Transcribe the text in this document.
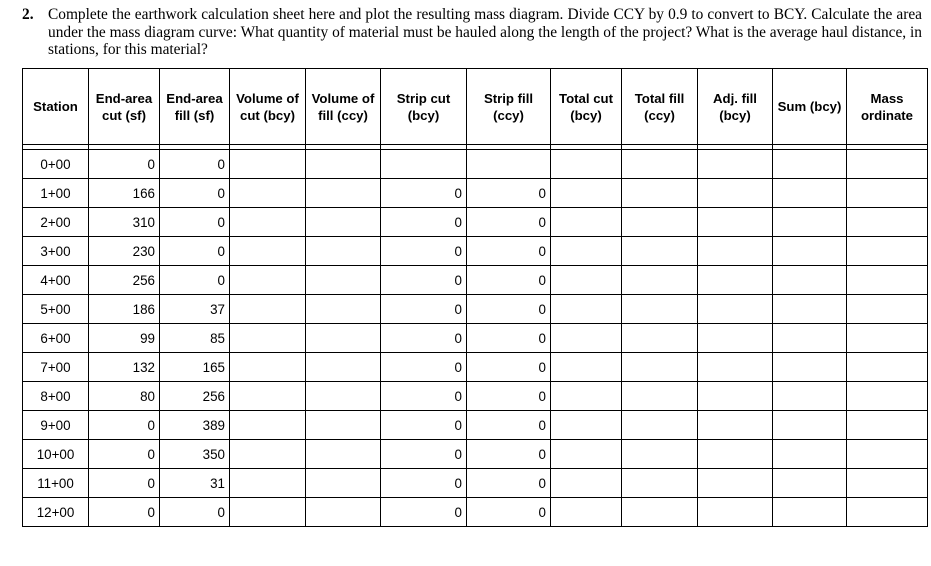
2. Complete the earthwork calculation sheet here and plot the resulting mass diagram. Divide CCY by 0.9 to convert to BCY. Calculate the area under the mass diagram curve: What quantity of material must be hauled along the length of the project? What is the average haul distance, in stations, for this material?
Station	End-area cut (sf)	End-area fill (sf)	Volume of cut (bcy)	Volume of fill (ccy)	Strip cut (bcy)	Strip fill (ccy)	Total cut (bcy)	Total fill (ccy)	Adj. fill (bcy)	Sum (bcy)	Mass ordinate

0+00	0	0									
1+00	166	0			0	0					
2+00	310	0			0	0					
3+00	230	0			0	0					
4+00	256	0			0	0					
5+00	186	37			0	0					
6+00	99	85			0	0					
7+00	132	165			0	0					
8+00	80	256			0	0					
9+00	0	389			0	0					
10+00	0	350			0	0					
11+00	0	31			0	0					
12+00	0	0			0	0					
